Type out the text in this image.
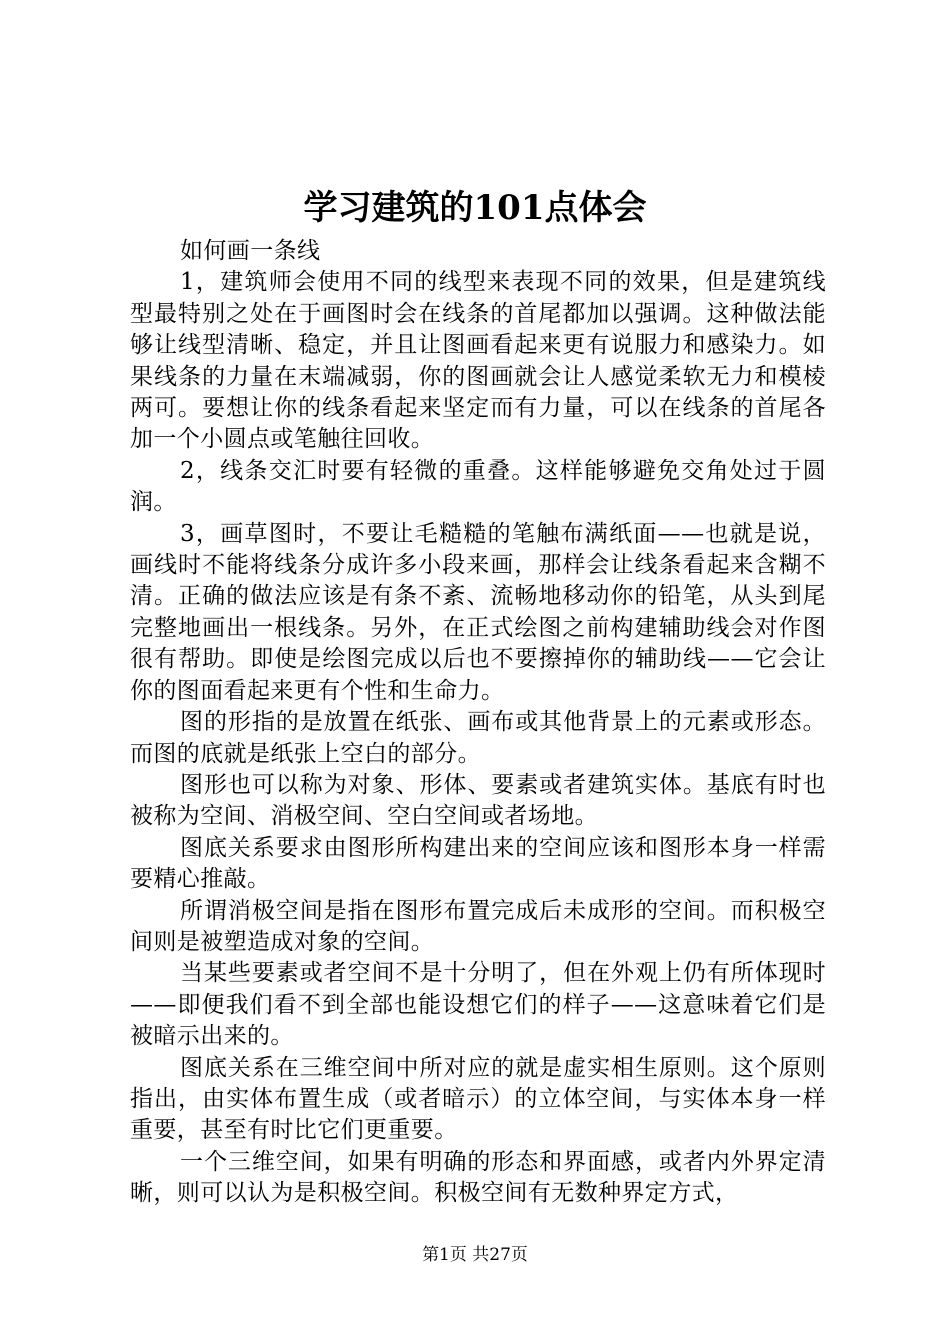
学习建筑的101点体会

如何画一条线

1，建筑师会使用不同的线型来表现不同的效果，但是建筑线型最特别之处在于画图时会在线条的首尾都加以强调。这种做法能够让线型清晰、稳定，并且让图画看起来更有说服力和感染力。如果线条的力量在末端减弱，你的图画就会让人感觉柔软无力和模棱两可。要想让你的线条看起来坚定而有力量，可以在线条的首尾各加一个小圆点或笔触往回收。

2，线条交汇时要有轻微的重叠。这样能够避免交角处过于圆润。

3，画草图时，不要让毛糙糙的笔触布满纸面——也就是说，画线时不能将线条分成许多小段来画，那样会让线条看起来含糊不清。正确的做法应该是有条不紊、流畅地移动你的铅笔，从头到尾完整地画出一根线条。另外，在正式绘图之前构建辅助线会对作图很有帮助。即使是绘图完成以后也不要擦掉你的辅助线——它会让你的图面看起来更有个性和生命力。

图的形指的是放置在纸张、画布或其他背景上的元素或形态。而图的底就是纸张上空白的部分。

图形也可以称为对象、形体、要素或者建筑实体。基底有时也被称为空间、消极空间、空白空间或者场地。

图底关系要求由图形所构建出来的空间应该和图形本身一样需要精心推敲。

所谓消极空间是指在图形布置完成后未成形的空间。而积极空间则是被塑造成对象的空间。

当某些要素或者空间不是十分明了，但在外观上仍有所体现时——即便我们看不到全部也能设想它们的样子——这意味着它们是被暗示出来的。

图底关系在三维空间中所对应的就是虚实相生原则。这个原则指出，由实体布置生成（或者暗示）的立体空间，与实体本身一样重要，甚至有时比它们更重要。

一个三维空间，如果有明确的形态和界面感，或者内外界定清晰，则可以认为是积极空间。积极空间有无数种界定方式，

第1页 共27页
